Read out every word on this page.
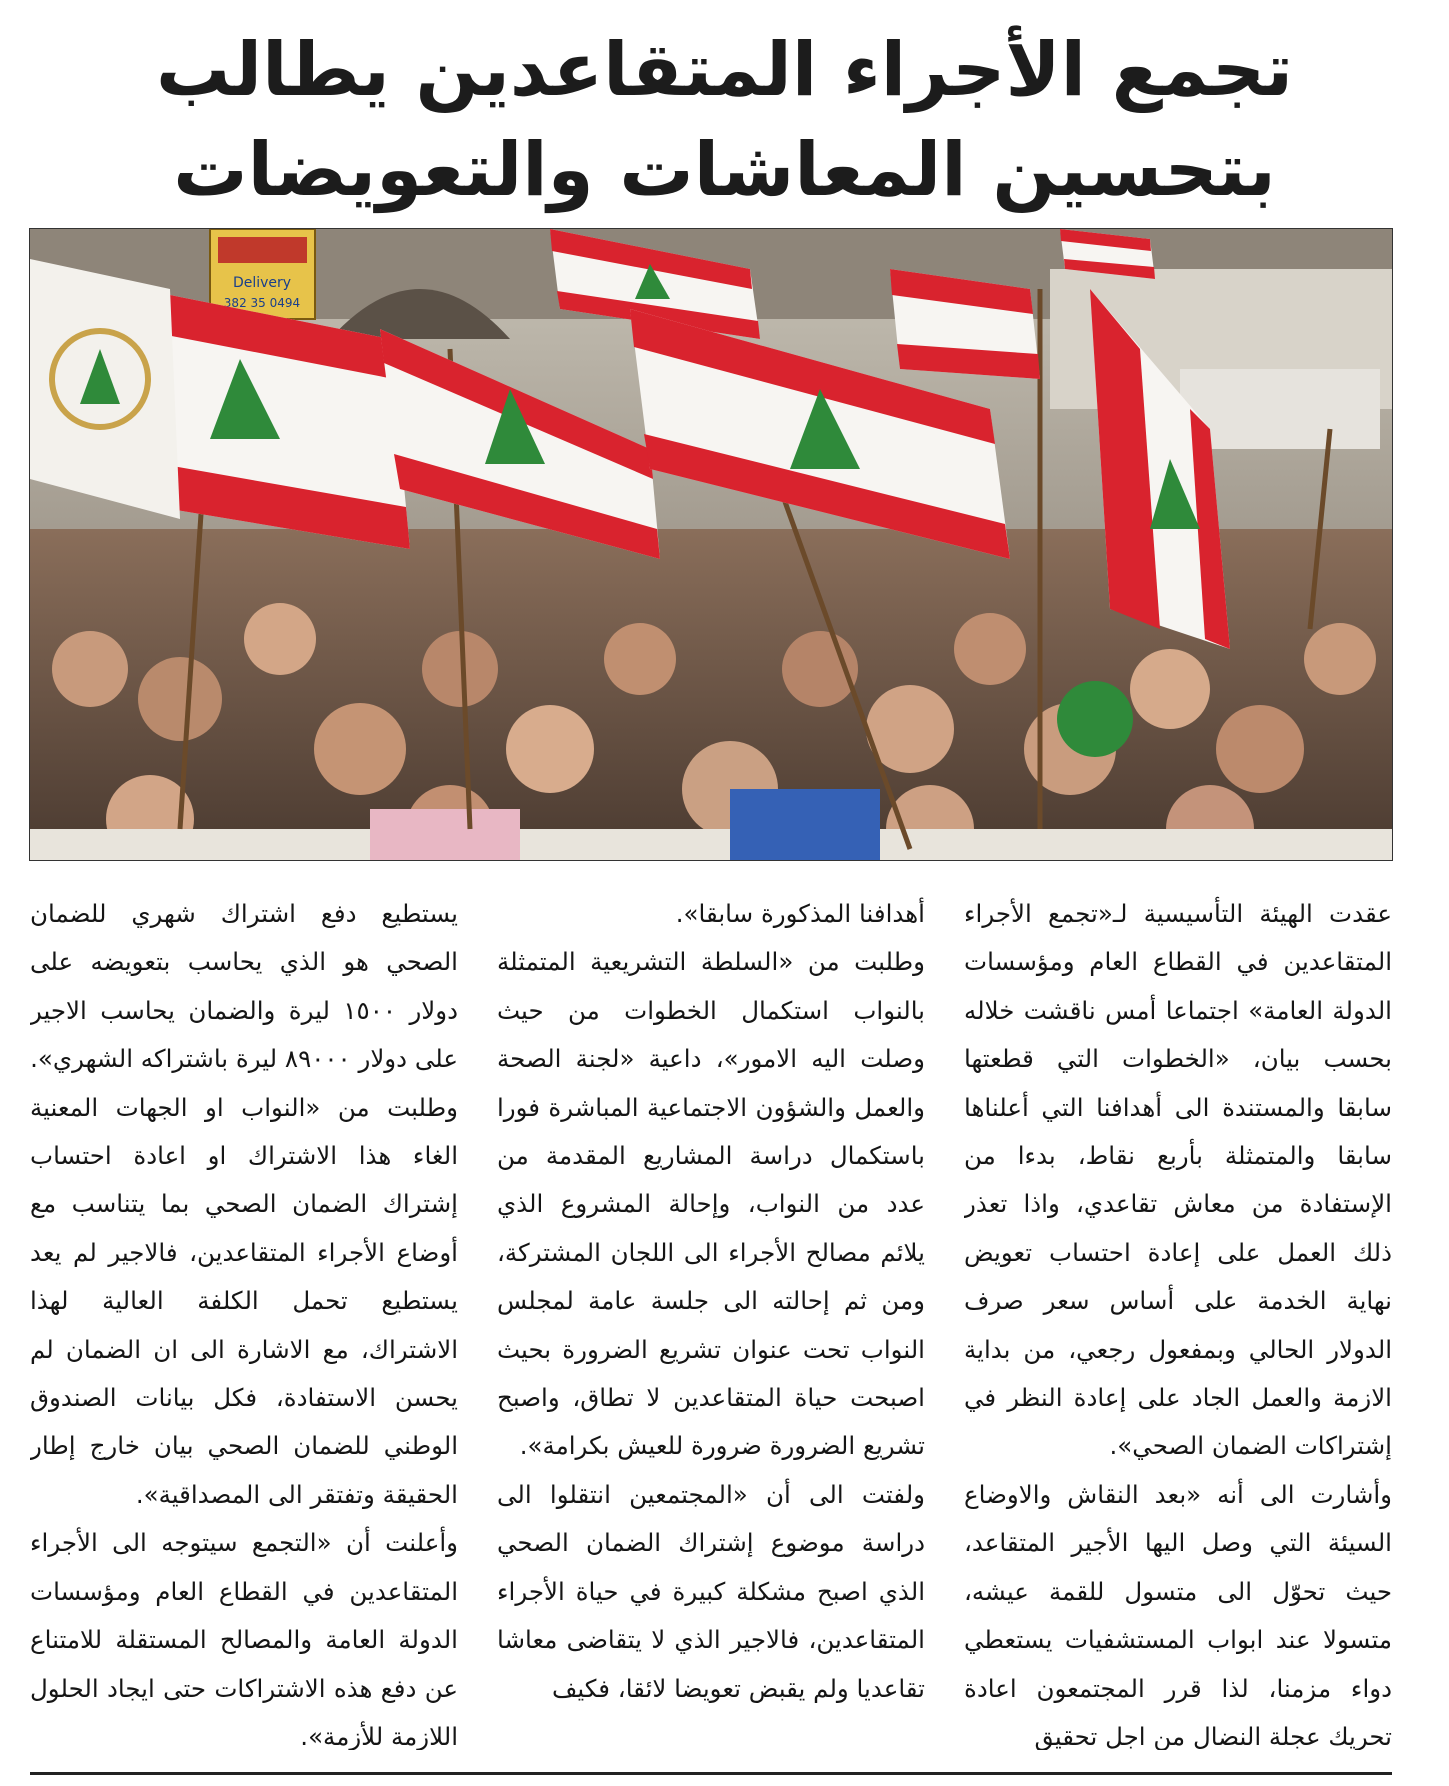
تجمع الأجراء المتقاعدين يطالب
بتحسين المعاشات والتعويضات
Delivery
0494 35 382

عقدت الهيئة التأسيسية لـ«تجمع الأجراء المتقاعدين في القطاع العام ومؤسسات الدولة العامة» اجتماعا أمس ناقشت خلاله بحسب بيان، «الخطوات التي قطعتها سابقا والمستندة الى أهدافنا التي أعلناها سابقا والمتمثلة بأربع نقاط، بدءا من الإستفادة من معاش تقاعدي، واذا تعذر ذلك العمل على إعادة احتساب تعويض نهاية الخدمة على أساس سعر صرف الدولار الحالي وبمفعول رجعي، من بداية الازمة والعمل الجاد على إعادة النظر في إشتراكات الضمان الصحي».

وأشارت الى أنه «بعد النقاش والاوضاع السيئة التي وصل اليها الأجير المتقاعد، حيث تحوّل الى متسول للقمة عيشه، متسولا عند ابواب المستشفيات يستعطي دواء مزمنا، لذا قرر المجتمعون اعادة تحريك عجلة النضال من اجل تحقيق

أهدافنا المذكورة سابقا».

وطلبت من «السلطة التشريعية المتمثلة بالنواب استكمال الخطوات من حيث وصلت اليه الامور»، داعية «لجنة الصحة والعمل والشؤون الاجتماعية المباشرة فورا باستكمال دراسة المشاريع المقدمة من عدد من النواب، وإحالة المشروع الذي يلائم مصالح الأجراء الى اللجان المشتركة، ومن ثم إحالته الى جلسة عامة لمجلس النواب تحت عنوان تشريع الضرورة بحيث اصبحت حياة المتقاعدين لا تطاق، واصبح تشريع الضرورة ضرورة للعيش بكرامة».

ولفتت الى أن «المجتمعين انتقلوا الى دراسة موضوع إشتراك الضمان الصحي الذي اصبح مشكلة كبيرة في حياة الأجراء المتقاعدين، فالاجير الذي لا يتقاضى معاشا تقاعديا ولم يقبض تعويضا لائقا، فكيف

يستطيع دفع اشتراك شهري للضمان الصحي هو الذي يحاسب بتعويضه على دولار ١٥٠٠ ليرة والضمان يحاسب الاجير على دولار ٨٩٠٠٠ ليرة باشتراكه الشهري».

وطلبت من «النواب او الجهات المعنية الغاء هذا الاشتراك او اعادة احتساب إشتراك الضمان الصحي بما يتناسب مع أوضاع الأجراء المتقاعدين، فالاجير لم يعد يستطيع تحمل الكلفة العالية لهذا الاشتراك، مع الاشارة الى ان الضمان لم يحسن الاستفادة، فكل بيانات الصندوق الوطني للضمان الصحي بيان خارج إطار الحقيقة وتفتقر الى المصداقية».

وأعلنت أن «التجمع سيتوجه الى الأجراء المتقاعدين في القطاع العام ومؤسسات الدولة العامة والمصالح المستقلة للامتناع عن دفع هذه الاشتراكات حتى ايجاد الحلول اللازمة للأزمة».
